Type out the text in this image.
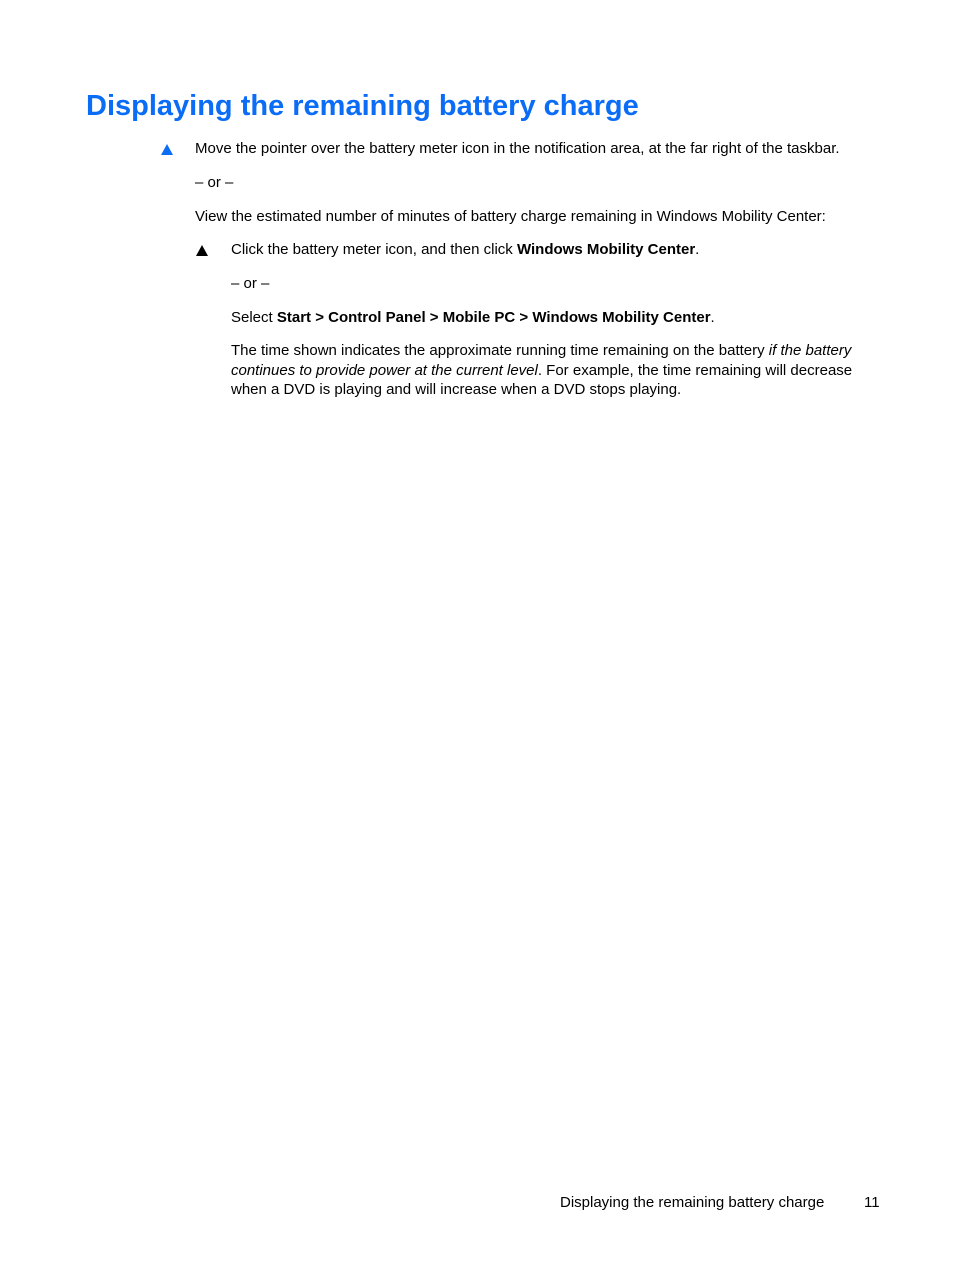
Displaying the remaining battery charge
Move the pointer over the battery meter icon in the notification area, at the far right of the taskbar.
– or –
View the estimated number of minutes of battery charge remaining in Windows Mobility Center:
Click the battery meter icon, and then click Windows Mobility Center.
– or –
Select Start > Control Panel > Mobile PC > Windows Mobility Center.

The time shown indicates the approximate running time remaining on the battery if the battery continues to provide power at the current level. For example, the time remaining will decrease when a DVD is playing and will increase when a DVD stops playing.

Displaying the remaining battery charge	11
